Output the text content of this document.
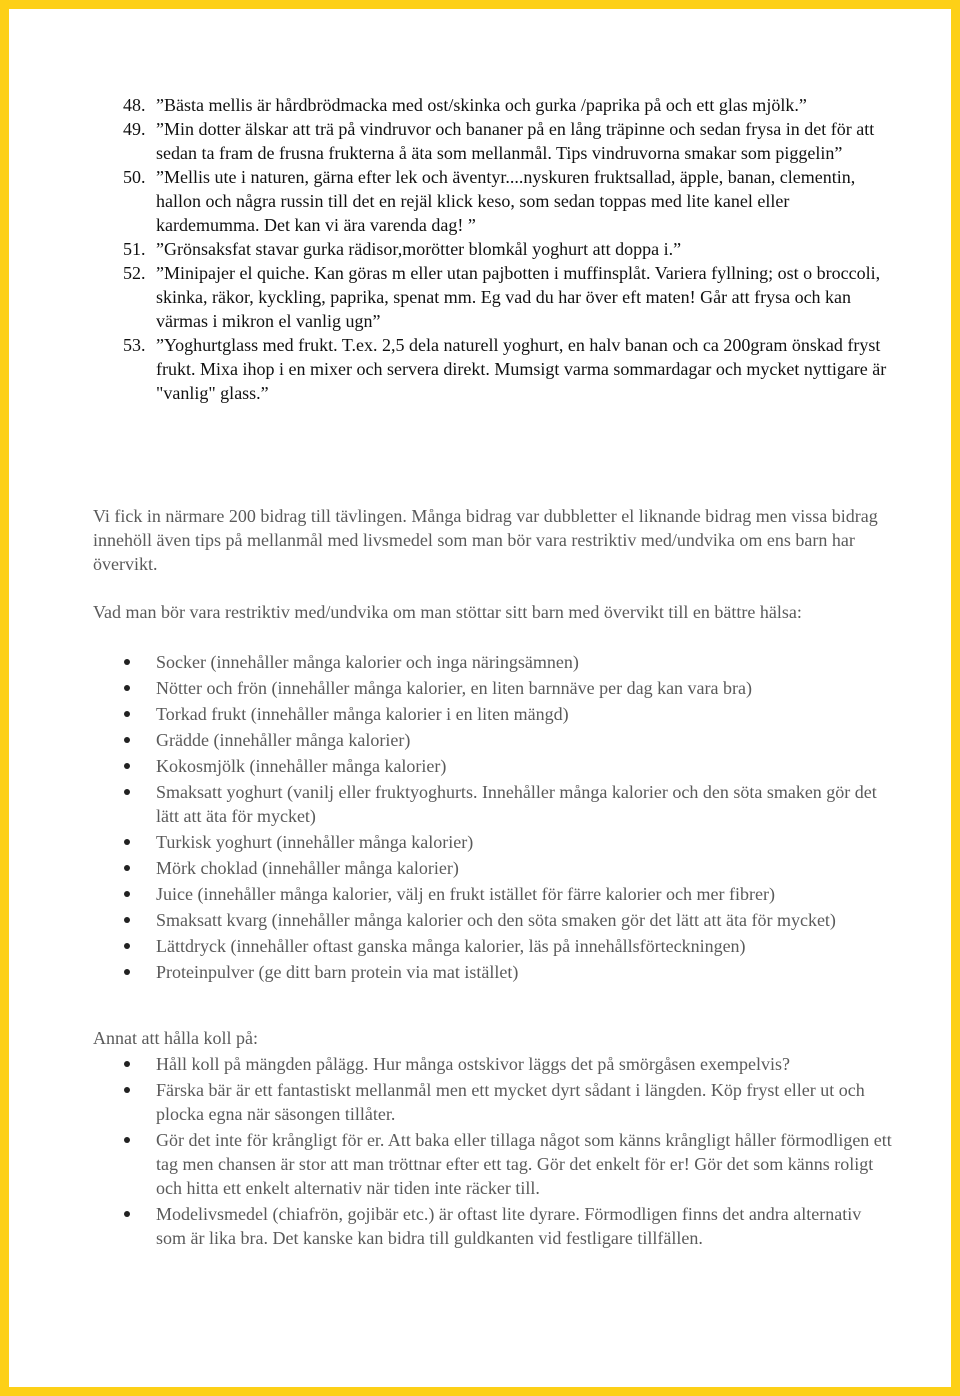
48. ”Bästa mellis är hårdbrödmacka med ost/skinka och gurka /paprika på och ett glas mjölk.”
49. ”Min dotter älskar att trä på vindruvor och bananer på en lång träpinne och sedan frysa in det för att sedan ta fram de frusna frukterna å äta som mellanmål. Tips vindruvorna smakar som piggelin”
50. ”Mellis ute i naturen, gärna efter lek och äventyr....nyskuren fruktsallad, äpple, banan, clementin, hallon och några russin till det en rejäl klick keso, som sedan toppas med lite kanel eller kardemumma. Det kan vi ära varenda dag! ”
51. ”Grönsaksfat stavar gurka rädisor,morötter blomkål yoghurt att doppa i.”
52. ”Minipajer el quiche. Kan göras m eller utan pajbotten i muffinsplåt. Variera fyllning; ost o broccoli, skinka, räkor, kyckling, paprika, spenat mm. Eg vad du har över eft maten! Går att frysa och kan värmas i mikron el vanlig ugn”
53. ”Yoghurtglass med frukt. T.ex. 2,5 dela naturell yoghurt, en halv banan och ca 200gram önskad fryst frukt. Mixa ihop i en mixer och servera direkt. Mumsigt varma sommardagar och mycket nyttigare är "vanlig" glass.”
Vi fick in närmare 200 bidrag till tävlingen. Många bidrag var dubbletter el liknande bidrag men vissa bidrag innehöll även tips på mellanmål med livsmedel som man bör vara restriktiv med/undvika om ens barn har övervikt.
Vad man bör vara restriktiv med/undvika om man stöttar sitt barn med övervikt till en bättre hälsa:
Socker (innehåller många kalorier och inga näringsämnen)
Nötter och frön (innehåller många kalorier, en liten barnnäve per dag kan vara bra)
Torkad frukt (innehåller många kalorier i en liten mängd)
Grädde (innehåller många kalorier)
Kokosmjölk (innehåller många kalorier)
Smaksatt yoghurt (vanilj eller fruktyoghurts. Innehåller många kalorier och den söta smaken gör det lätt att äta för mycket)
Turkisk yoghurt (innehåller många kalorier)
Mörk choklad (innehåller många kalorier)
Juice (innehåller många kalorier, välj en frukt istället för färre kalorier och mer fibrer)
Smaksatt kvarg (innehåller många kalorier och den söta smaken gör det lätt att äta för mycket)
Lättdryck (innehåller oftast ganska många kalorier, läs på innehållsförteckningen)
Proteinpulver (ge ditt barn protein via mat istället)
Annat att hålla koll på:
Håll koll på mängden pålägg. Hur många ostskivor läggs det på smörgåsen exempelvis?
Färska bär är ett fantastiskt mellanmål men ett mycket dyrt sådant i längden. Köp fryst eller ut och plocka egna när säsongen tillåter.
Gör det inte för krångligt för er. Att baka eller tillaga något som känns krångligt håller förmodligen ett tag men chansen är stor att man tröttnar efter ett tag. Gör det enkelt för er! Gör det som känns roligt och hitta ett enkelt alternativ när tiden inte räcker till.
Modelivsmedel (chiafrön, gojibär etc.) är oftast lite dyrare. Förmodligen finns det andra alternativ som är lika bra. Det kanske kan bidra till guldkanten vid festligare tillfällen.
